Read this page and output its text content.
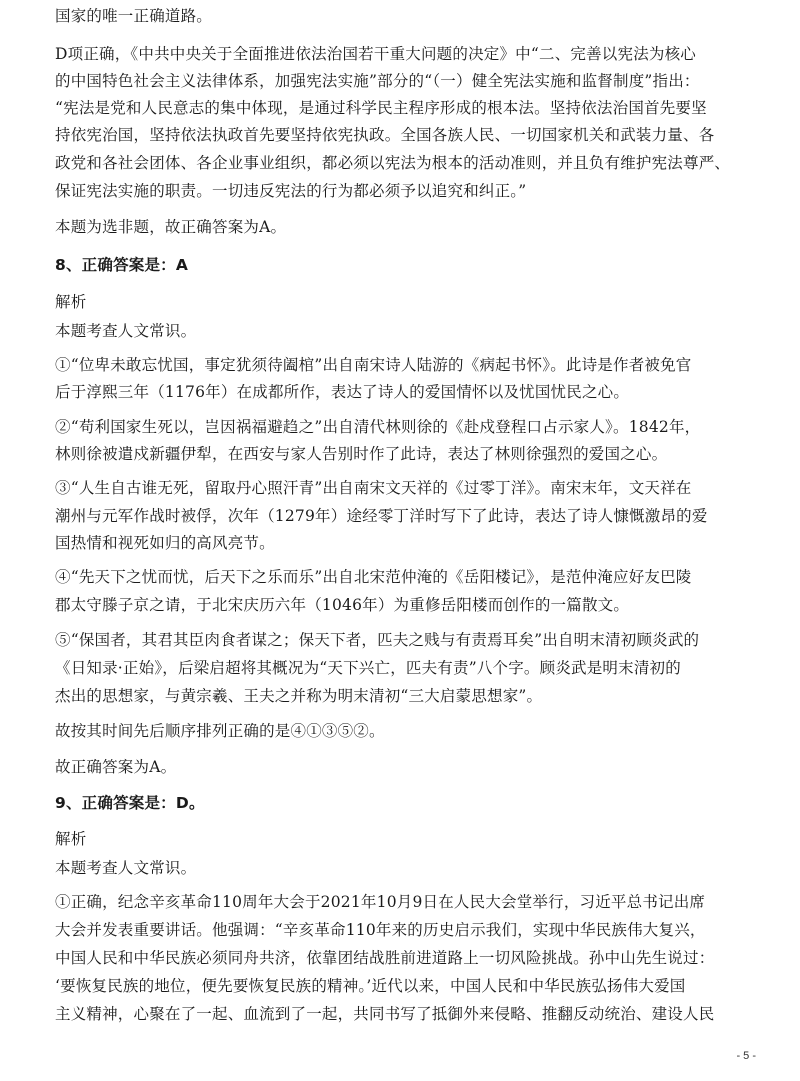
国家的唯一正确道路。
D项正确，《中共中央关于全面推进依法治国若干重大问题的决定》中“二、完善以宪法为核心
的中国特色社会主义法律体系，加强宪法实施”部分的“（一）健全宪法实施和监督制度”指出：
“宪法是党和人民意志的集中体现，是通过科学民主程序形成的根本法。坚持依法治国首先要坚
持依宪治国，坚持依法执政首先要坚持依宪执政。全国各族人民、一切国家机关和武装力量、各
政党和各社会团体、各企业事业组织，都必须以宪法为根本的活动准则，并且负有维护宪法尊严、
保证宪法实施的职责。一切违反宪法的行为都必须予以追究和纠正。”
本题为选非题，故正确答案为A。
8、正确答案是：A
解析
本题考查人文常识。
①“位卑未敢忘忧国，事定犹须待阖棺”出自南宋诗人陆游的《病起书怀》。此诗是作者被免官
后于淳熙三年（1176年）在成都所作，表达了诗人的爱国情怀以及忧国忧民之心。
②“苟利国家生死以，岂因祸福避趋之”出自清代林则徐的《赴戍登程口占示家人》。1842年，
林则徐被遣戍新疆伊犁，在西安与家人告别时作了此诗，表达了林则徐强烈的爱国之心。
③“人生自古谁无死，留取丹心照汗青”出自南宋文天祥的《过零丁洋》。南宋末年，文天祥在
潮州与元军作战时被俘，次年（1279年）途经零丁洋时写下了此诗，表达了诗人慷慨激昂的爱
国热情和视死如归的高风亮节。
④“先天下之忧而忧，后天下之乐而乐”出自北宋范仲淹的《岳阳楼记》，是范仲淹应好友巴陵
郡太守滕子京之请，于北宋庆历六年（1046年）为重修岳阳楼而创作的一篇散文。
⑤“保国者，其君其臣肉食者谋之；保天下者，匹夫之贱与有责焉耳矣”出自明末清初顾炎武的
《日知录·正始》，后梁启超将其概况为“天下兴亡，匹夫有责”八个字。顾炎武是明末清初的
杰出的思想家，与黄宗羲、王夫之并称为明末清初“三大启蒙思想家”。
故按其时间先后顺序排列正确的是④①③⑤②。
故正确答案为A。
9、正确答案是：D。
解析
本题考查人文常识。
①正确，纪念辛亥革命110周年大会于2021年10月9日在人民大会堂举行，习近平总书记出席
大会并发表重要讲话。他强调：“辛亥革命110年来的历史启示我们，实现中华民族伟大复兴，
中国人民和中华民族必须同舟共济，依靠团结战胜前进道路上一切风险挑战。孙中山先生说过：
‘要恢复民族的地位，便先要恢复民族的精神。’近代以来，中国人民和中华民族弘扬伟大爱国
主义精神，心聚在了一起、血流到了一起，共同书写了抵御外来侵略、推翻反动统治、建设人民
- 5 -
